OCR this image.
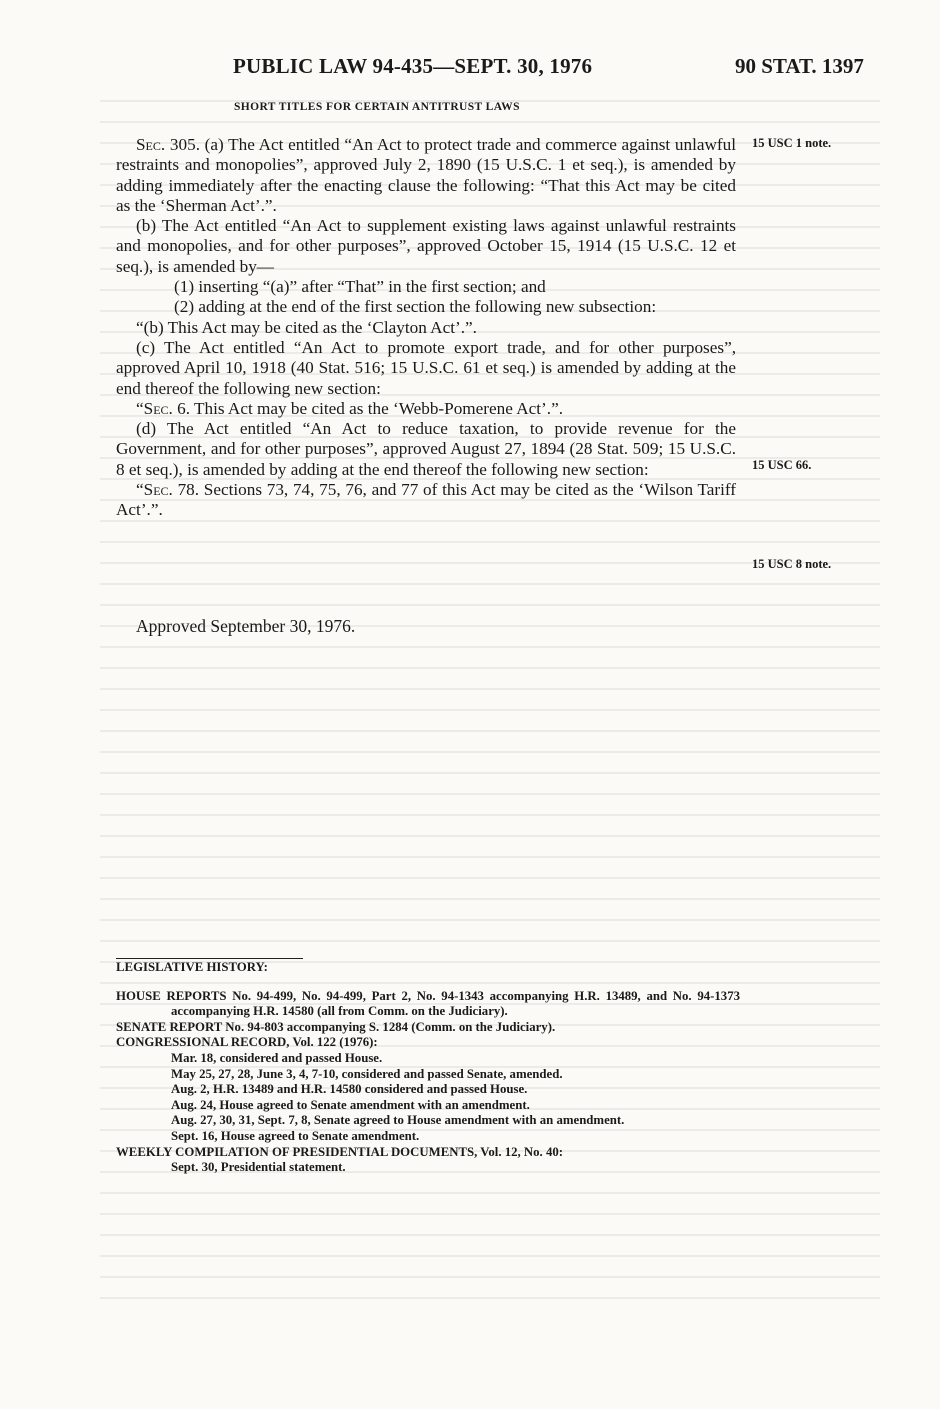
PUBLIC LAW 94-435—SEPT. 30, 1976	90 STAT. 1397
SHORT TITLES FOR CERTAIN ANTITRUST LAWS

Sec. 305. (a) The Act entitled “An Act to protect trade and commerce against unlawful restraints and monopolies”, approved July 2, 1890 (15 U.S.C. 1 et seq.), is amended by adding immediately after the enacting clause the following: “That this Act may be cited as the ‘Sherman Act’.”.

(b) The Act entitled “An Act to supplement existing laws against unlawful restraints and monopolies, and for other purposes”, approved October 15, 1914 (15 U.S.C. 12 et seq.), is amended by—

(1) inserting “(a)” after “That” in the first section; and

(2) adding at the end of the first section the following new subsection:

“(b) This Act may be cited as the ‘Clayton Act’.”.

(c) The Act entitled “An Act to promote export trade, and for other purposes”, approved April 10, 1918 (40 Stat. 516; 15 U.S.C. 61 et seq.) is amended by adding at the end thereof the following new section:

“Sec. 6. This Act may be cited as the ‘Webb-Pomerene Act’.”.

(d) The Act entitled “An Act to reduce taxation, to provide revenue for the Government, and for other purposes”, approved August 27, 1894 (28 Stat. 509; 15 U.S.C. 8 et seq.), is amended by adding at the end thereof the following new section:

“Sec. 78. Sections 73, 74, 75, 76, and 77 of this Act may be cited as the ‘Wilson Tariff Act’.”.

15 USC 1 note.
15 USC 66.
15 USC 8 note.
Approved September 30, 1976.
LEGISLATIVE HISTORY:
HOUSE REPORTS No. 94-499, No. 94-499, Part 2, No. 94-1343 accompanying H.R. 13489, and No. 94-1373 accompanying H.R. 14580 (all from Comm. on the Judiciary).
SENATE REPORT No. 94-803 accompanying S. 1284 (Comm. on the Judiciary).
CONGRESSIONAL RECORD, Vol. 122 (1976):
Mar. 18, considered and passed House.
May 25, 27, 28, June 3, 4, 7-10, considered and passed Senate, amended.
Aug. 2, H.R. 13489 and H.R. 14580 considered and passed House.
Aug. 24, House agreed to Senate amendment with an amendment.
Aug. 27, 30, 31, Sept. 7, 8, Senate agreed to House amendment with an amendment.
Sept. 16, House agreed to Senate amendment.
WEEKLY COMPILATION OF PRESIDENTIAL DOCUMENTS, Vol. 12, No. 40:
Sept. 30, Presidential statement.
